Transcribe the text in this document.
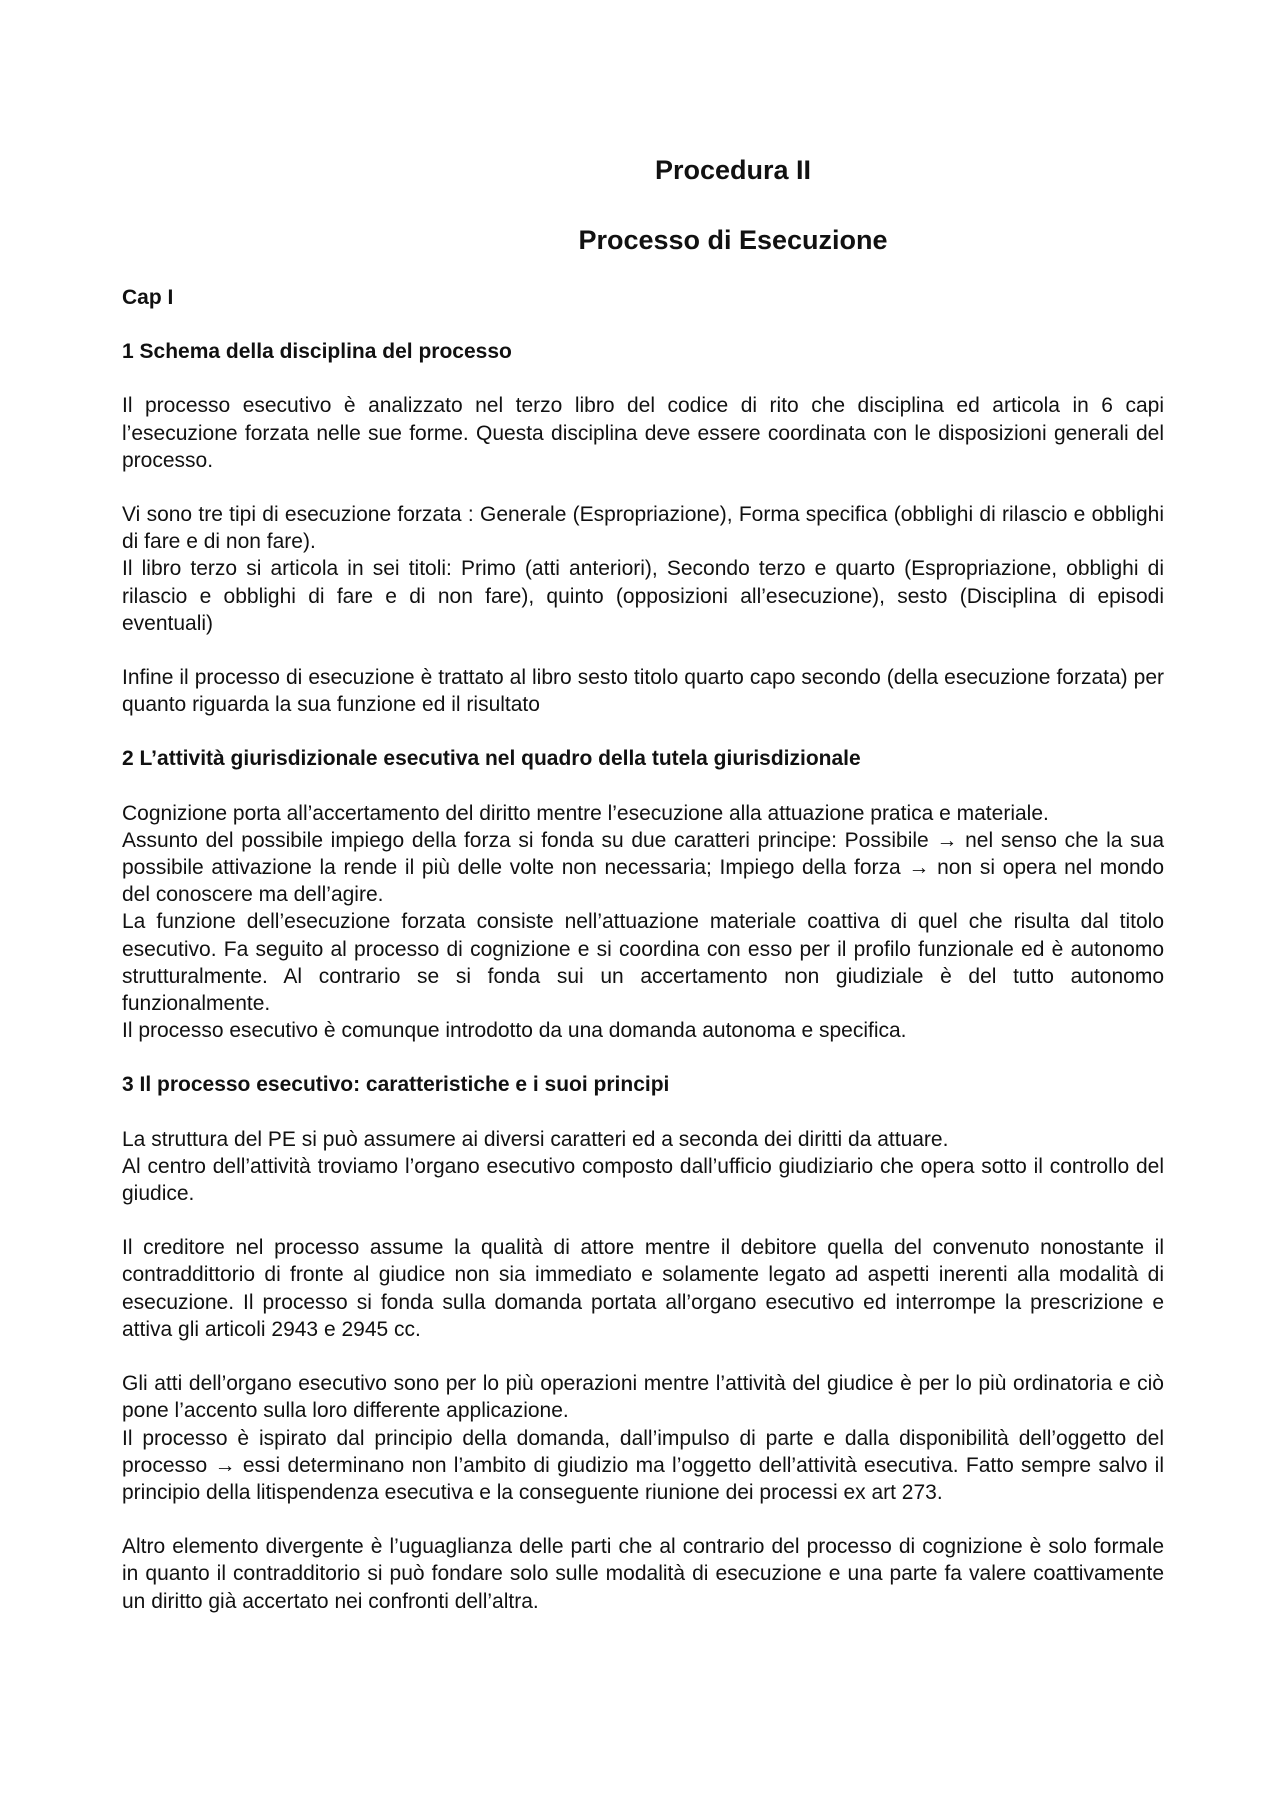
Procedura II
Processo di Esecuzione
Cap I
1 Schema della disciplina del processo

Il processo esecutivo è analizzato nel terzo libro del codice di rito che disciplina ed articola in 6 capi l’esecuzione forzata nelle sue forme. Questa disciplina deve essere coordinata con le disposizioni generali del processo.

Vi sono tre tipi di esecuzione forzata : Generale (Espropriazione), Forma specifica (obblighi di rilascio e obblighi di fare e di non fare).

Il libro terzo si articola in sei titoli: Primo (atti anteriori), Secondo terzo e quarto (Espropriazione, obblighi di rilascio e obblighi di fare e di non fare), quinto (opposizioni all’esecuzione), sesto (Disciplina di episodi eventuali)

Infine il processo di esecuzione è trattato al libro sesto titolo quarto capo secondo (della esecuzione forzata) per quanto riguarda la sua funzione ed il risultato

2 L’attività giurisdizionale esecutiva nel quadro della tutela giurisdizionale

Cognizione porta all’accertamento del diritto mentre l’esecuzione alla attuazione pratica e materiale.

Assunto del possibile impiego della forza si fonda su due caratteri principe: Possibile → nel senso che la sua possibile attivazione la rende il più delle volte non necessaria; Impiego della forza → non si opera nel mondo del conoscere ma dell’agire.

La funzione dell’esecuzione forzata consiste nell’attuazione materiale coattiva di quel che risulta dal titolo esecutivo. Fa seguito al processo di cognizione e si coordina con esso per il profilo funzionale ed è autonomo strutturalmente. Al contrario se si fonda sui un accertamento non giudiziale è del tutto autonomo funzionalmente.

Il processo esecutivo è comunque introdotto da una domanda autonoma e specifica.

3 Il processo esecutivo: caratteristiche e i suoi principi

La struttura del PE si può assumere ai diversi caratteri ed a seconda dei diritti da attuare.

Al centro dell’attività troviamo l’organo esecutivo composto dall’ufficio giudiziario che opera sotto il controllo del giudice.

Il creditore nel processo assume la qualità di attore mentre il debitore quella del convenuto nonostante il contraddittorio di fronte al giudice non sia immediato e solamente legato ad aspetti inerenti alla modalità di esecuzione. Il processo si fonda sulla domanda portata all’organo esecutivo ed interrompe la prescrizione e attiva gli articoli 2943 e 2945 cc.

Gli atti dell’organo esecutivo sono per lo più operazioni mentre l’attività del giudice è per lo più ordinatoria e ciò pone l’accento sulla loro differente applicazione.

Il processo è ispirato dal principio della domanda, dall’impulso di parte e dalla disponibilità dell’oggetto del processo → essi determinano non l’ambito di giudizio ma l’oggetto dell’attività esecutiva. Fatto sempre salvo il principio della litispendenza esecutiva e la conseguente riunione dei processi ex art 273.

Altro elemento divergente è l’uguaglianza delle parti che al contrario del processo di cognizione è solo formale in quanto il contradditorio si può fondare solo sulle modalità di esecuzione e una parte fa valere coattivamente un diritto già accertato nei confronti dell’altra.
